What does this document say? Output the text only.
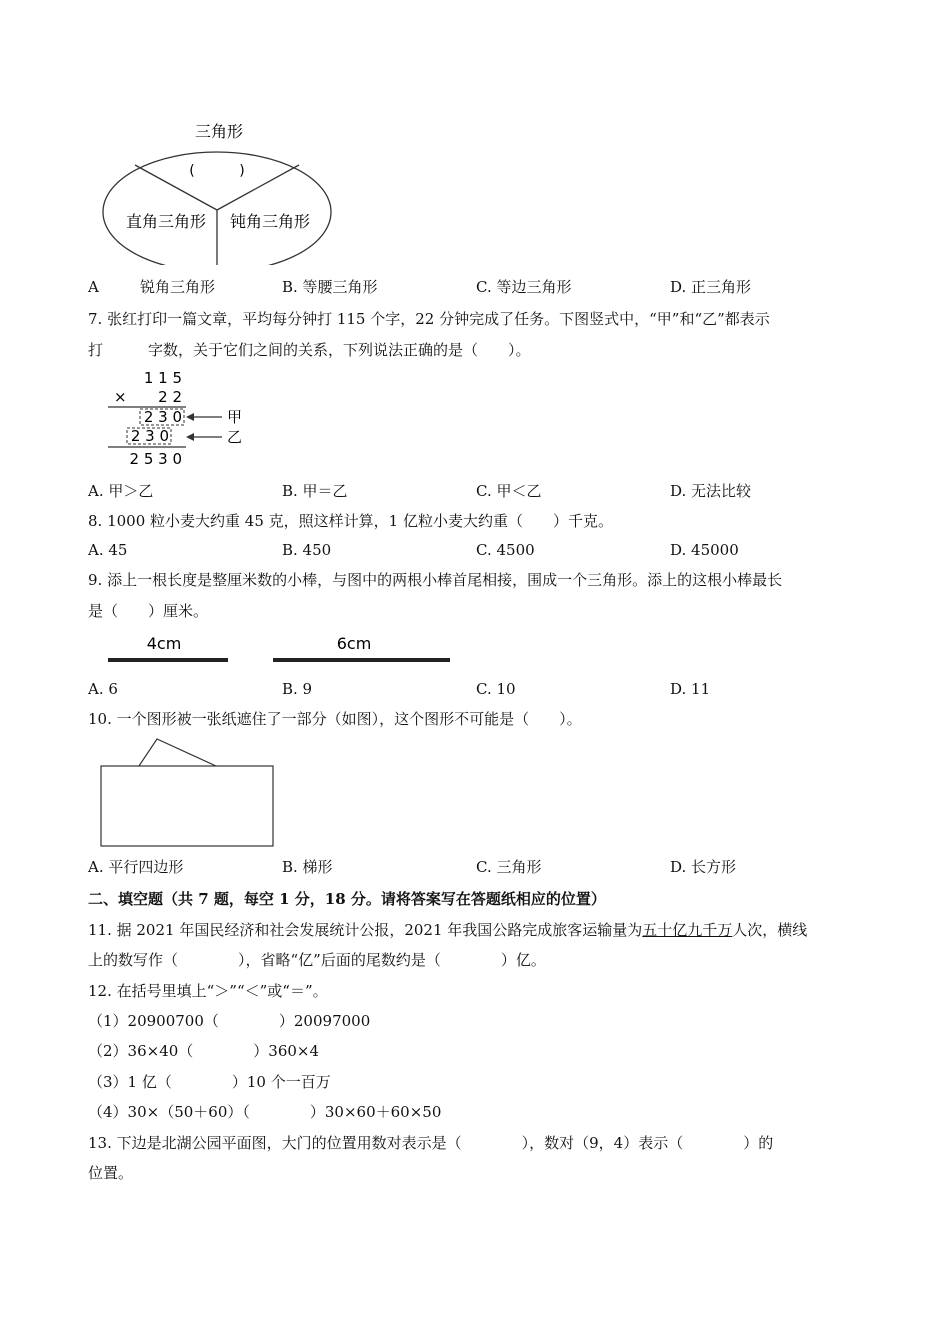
三角形
(          )
直角三角形 钝角三角形
A	锐角三角形	B. 等腰三角形	C. 等边三角形	D. 正三角形
7. 张红打印一篇文章，平均每分钟打 115 个字，22 分钟完成了任务。下图竖式中，“甲”和“乙”都表示
打　　　字数，关于它们之间的关系，下列说法正确的是（　　）。
1 1 5
× 2 2
2 3 0
2 3 0
2 5 3 0
甲
乙
A. 甲＞乙	B. 甲＝乙	C. 甲＜乙	D. 无法比较
8. 1000 粒小麦大约重 45 克，照这样计算，1 亿粒小麦大约重（　　）千克。
A. 45	B. 450	C. 4500	D. 45000
9. 添上一根长度是整厘米数的小棒，与图中的两根小棒首尾相接，围成一个三角形。添上的这根小棒最长
是（　　）厘米。
4cm	6cm
A. 6	B. 9	C. 10	D. 11
10. 一个图形被一张纸遮住了一部分（如图），这个图形不可能是（　　）。
A. 平行四边形	B. 梯形	C. 三角形	D. 长方形
二、填空题（共 7 题，每空 1 分，18 分。请将答案写在答题纸相应的位置）
11. 据 2021 年国民经济和社会发展统计公报，2021 年我国公路完成旅客运输量为五十亿九千万人次，横线
上的数写作（　　　　），省略“亿”后面的尾数约是（　　　　）亿。
12. 在括号里填上“＞”“＜”或“＝”。
（1）20900700（　　　　）20097000
（2）36×40（　　　　）360×4
（3）1 亿（　　　　）10 个一百万
（4）30×（50＋60）（　　　　）30×60＋60×50
13. 下边是北湖公园平面图，大门的位置用数对表示是（　　　　），数对（9，4）表示（　　　　）的
位置。
